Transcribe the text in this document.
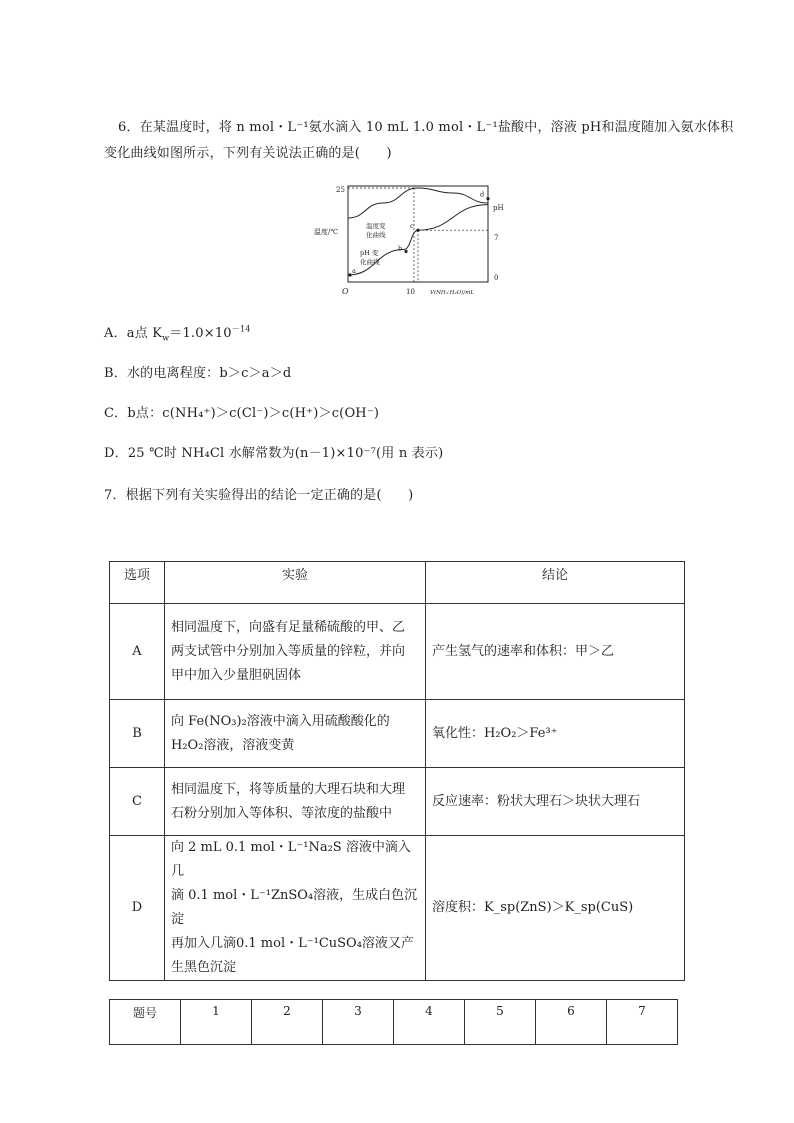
6．在某温度时，将 n mol・L⁻¹氨水滴入 10 mL 1.0 mol・L⁻¹盐酸中，溶液 pH和温度随加入氨水体积
变化曲线如图所示，下列有关说法正确的是(　　)
温度/℃
25
O	10	V(NH₃·H₂O)/mL
pH
7
0
温度变
化曲线
pH 变
化曲线
a
b
c
d
A．a点 $K_w=1.0\times 10^{-14}$
B．水的电离程度：b＞c＞a＞d
C．b点：c(NH₄⁺)＞c(Cl⁻)＞c(H⁺)＞c(OH⁻)
D．25 ℃时 NH₄Cl 水解常数为(n－1)×10⁻⁷(用 n 表示)
7．根据下列有关实验得出的结论一定正确的是(　　)
选项	实验	结论
A	相同温度下，向盛有足量稀硫酸的甲、乙
两支试管中分别加入等质量的锌粒，并向
甲中加入少量胆矾固体	产生氢气的速率和体积：甲＞乙
B	向 Fe(NO₃)₂溶液中滴入用硫酸酸化的
H₂O₂溶液，溶液变黄	氧化性：H₂O₂＞Fe³⁺
C	相同温度下，将等质量的大理石块和大理
石粉分别加入等体积、等浓度的盐酸中	反应速率：粉状大理石＞块状大理石
D	向 2 mL 0.1 mol・L⁻¹Na₂S 溶液中滴入几
滴 0.1 mol・L⁻¹ZnSO₄溶液，生成白色沉淀
再加入几滴0.1 mol・L⁻¹CuSO₄溶液又产
生黑色沉淀	溶度积：K_sp(ZnS)＞K_sp(CuS)
题号	1	2	3	4	5	6	7
